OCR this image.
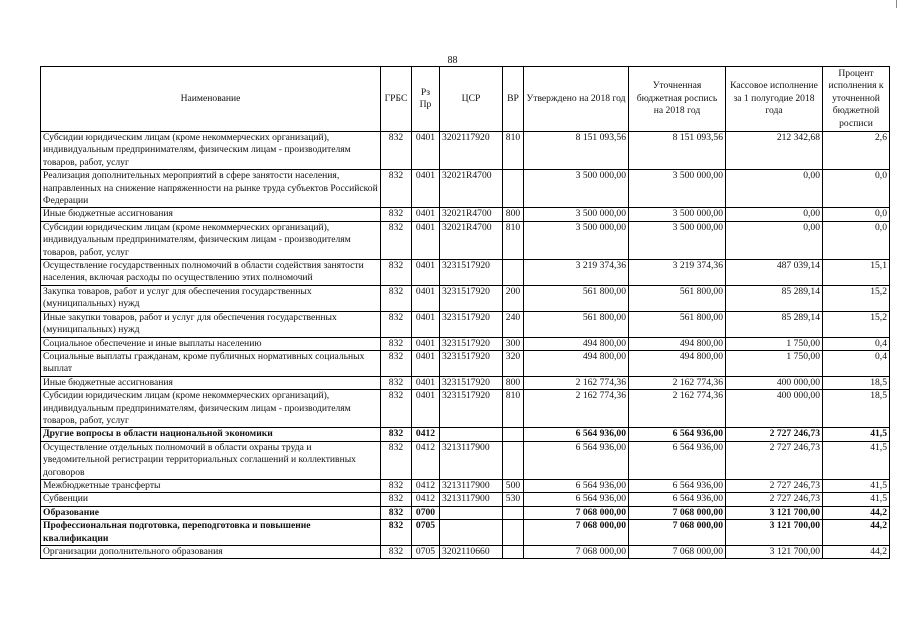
88
Наименование	ГРБС	Рз Пр	ЦСР	ВР	Утверждено на 2018 год	Уточненная бюджетная роспись на 2018 год	Кассовое исполнение за 1 полугодие 2018 года	Процент исполнения к уточненной бюджетной росписи
Субсидии юридическим лицам (кроме некоммерческих организаций), индивидуальным предпринимателям, физическим лицам - производителям товаров, работ, услуг	832	0401	3202117920	810	8 151 093,56	8 151 093,56	212 342,68	2,6
Реализация дополнительных мероприятий в сфере занятости населения, направленных на снижение напряженности на рынке труда субъектов Российской Федерации	832	0401	32021R4700		3 500 000,00	3 500 000,00	0,00	0,0
Иные бюджетные ассигнования	832	0401	32021R4700	800	3 500 000,00	3 500 000,00	0,00	0,0
Субсидии юридическим лицам (кроме некоммерческих организаций), индивидуальным предпринимателям, физическим лицам - производителям товаров, работ, услуг	832	0401	32021R4700	810	3 500 000,00	3 500 000,00	0,00	0,0
Осуществление государственных полномочий в области содействия занятости населения, включая расходы по осуществлению этих полномочий	832	0401	3231517920		3 219 374,36	3 219 374,36	487 039,14	15,1
Закупка товаров, работ и услуг для обеспечения государственных (муниципальных) нужд	832	0401	3231517920	200	561 800,00	561 800,00	85 289,14	15,2
Иные закупки товаров, работ и услуг для обеспечения государственных (муниципальных) нужд	832	0401	3231517920	240	561 800,00	561 800,00	85 289,14	15,2
Социальное обеспечение и иные выплаты населению	832	0401	3231517920	300	494 800,00	494 800,00	1 750,00	0,4
Социальные выплаты гражданам, кроме публичных нормативных социальных выплат	832	0401	3231517920	320	494 800,00	494 800,00	1 750,00	0,4
Иные бюджетные ассигнования	832	0401	3231517920	800	2 162 774,36	2 162 774,36	400 000,00	18,5
Субсидии юридическим лицам (кроме некоммерческих организаций), индивидуальным предпринимателям, физическим лицам - производителям товаров, работ, услуг	832	0401	3231517920	810	2 162 774,36	2 162 774,36	400 000,00	18,5
Другие вопросы в области национальной экономики	832	0412			6 564 936,00	6 564 936,00	2 727 246,73	41,5
Осуществление отдельных полномочий в области охраны труда и уведомительной регистрации территориальных соглашений и коллективных договоров	832	0412	3213117900		6 564 936,00	6 564 936,00	2 727 246,73	41,5
Межбюджетные трансферты	832	0412	3213117900	500	6 564 936,00	6 564 936,00	2 727 246,73	41,5
Субвенции	832	0412	3213117900	530	6 564 936,00	6 564 936,00	2 727 246,73	41,5
Образование	832	0700			7 068 000,00	7 068 000,00	3 121 700,00	44,2
Профессиональная подготовка, переподготовка и повышение квалификации	832	0705			7 068 000,00	7 068 000,00	3 121 700,00	44,2
Организации дополнительного образования	832	0705	3202110660		7 068 000,00	7 068 000,00	3 121 700,00	44,2
